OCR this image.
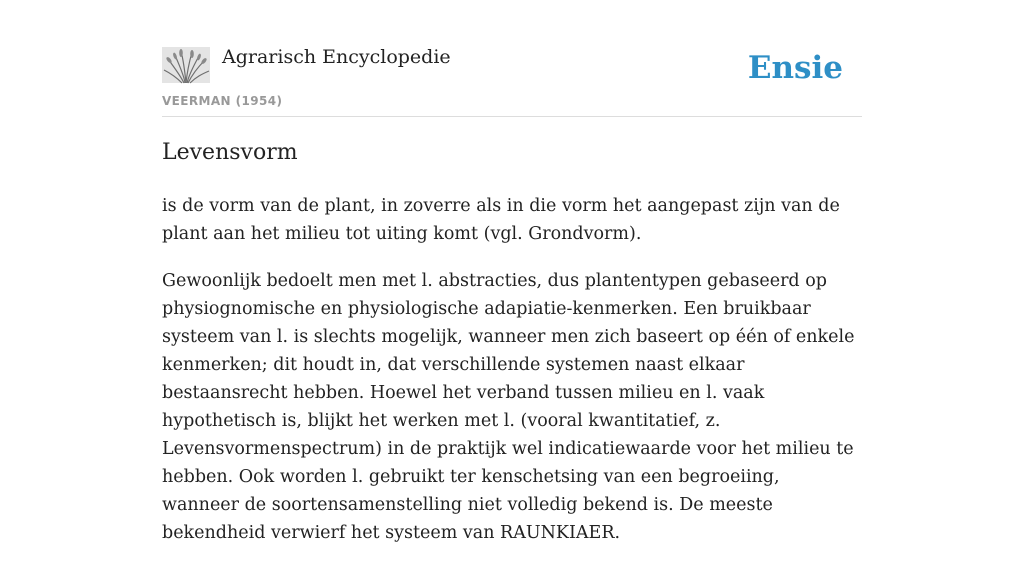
Agrarisch Encyclopedie
VEERMAN (1954)
Ensie
Levensvorm

is de vorm van de plant, in zoverre als in die vorm het aangepast zijn van de plant aan het milieu tot uiting komt (vgl. Grondvorm).

Gewoonlijk bedoelt men met l. abstracties, dus plantentypen gebaseerd op physiognomische en physiologische adapiatie-kenmerken. Een bruikbaar systeem van l. is slechts mogelijk, wanneer men zich baseert op één of enkele kenmerken; dit houdt in, dat verschillende systemen naast elkaar bestaansrecht hebben. Hoewel het verband tussen milieu en l. vaak hypothetisch is, blijkt het werken met l. (vooral kwantitatief, z. Levensvormenspectrum) in de praktijk wel indicatiewaarde voor het milieu te hebben. Ook worden l. gebruikt ter kenschetsing van een begroeiing, wanneer de soortensamenstelling niet volledig bekend is. De meeste bekendheid verwierf het systeem van RAUNKIAER.
